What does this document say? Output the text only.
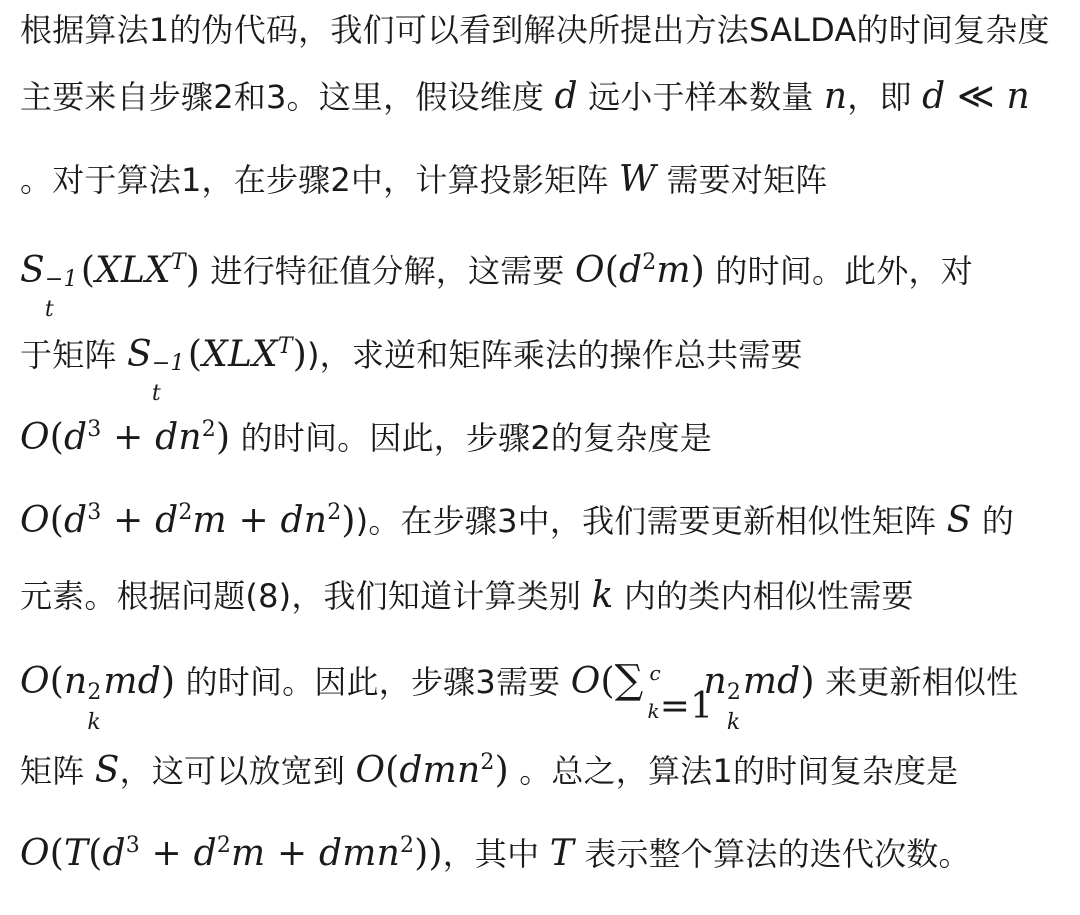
根据算法1的伪代码，我们可以看到解决所提出方法SALDA的时间复杂度
主要来自步骤2和3。这里，假设维度 d 远小于样本数量 n，即 d ≪ n
。对于算法1，在步骤2中，计算投影矩阵 W 需要对矩阵
S −1
t
$(XLX^T)$ 进行特征值分解，这需要 $O(d^2m)$ 的时间。此外，对
于矩阵 S −1
t
$(XLX^T)$)，求逆和矩阵乘法的操作总共需要
$O(d^3 + dn^2)$ 的时间。因此，步骤2的复杂度是
$O(d^3 + d^2m + dn^2)$)。在步骤3中，我们需要更新相似性矩阵 S 的
元素。根据问题(8)，我们知道计算类别 k 内的类内相似性需要
O(n 2
k
md) 的时间。因此，步骤3需要 O(∑ c
k=1
n 2
k
md) 来更新相似性
矩阵 S，这可以放宽到 O(dmn$^2$) 。总之，算法1的时间复杂度是
$O(T(d^3 + d^2m + dmn^2))$，其中 T 表示整个算法的迭代次数。
